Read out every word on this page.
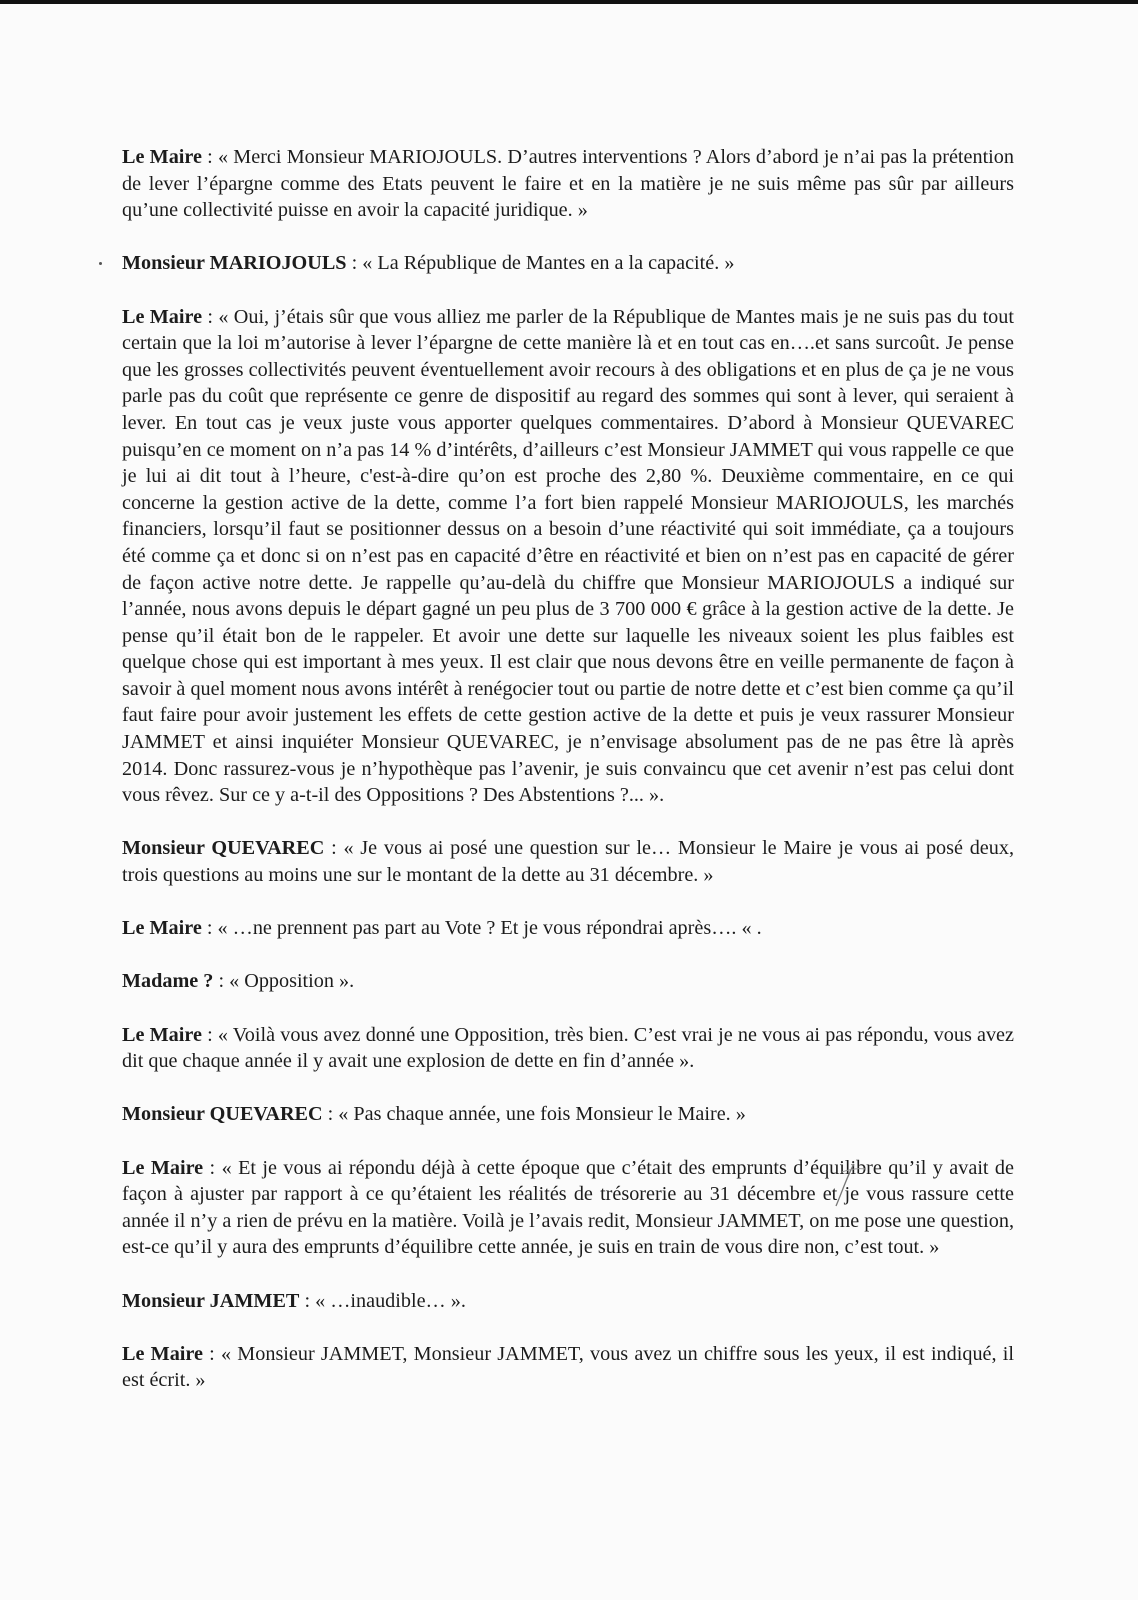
Le Maire : « Merci Monsieur MARIOJOULS. D’autres interventions ? Alors d’abord je n’ai pas la prétention de lever l’épargne comme des Etats peuvent le faire et en la matière je ne suis même pas sûr par ailleurs qu’une collectivité puisse en avoir la capacité juridique. »

Monsieur MARIOJOULS : « La République de Mantes en a la capacité. »

Le Maire : « Oui, j’étais sûr que vous alliez me parler de la République de Mantes mais je ne suis pas du tout certain que la loi m’autorise à lever l’épargne de cette manière là et en tout cas en….et sans surcoût. Je pense que les grosses collectivités peuvent éventuellement avoir recours à des obligations et en plus de ça je ne vous parle pas du coût que représente ce genre de dispositif au regard des sommes qui sont à lever, qui seraient à lever. En tout cas je veux juste vous apporter quelques commentaires. D’abord à Monsieur QUEVAREC puisqu’en ce moment on n’a pas 14 % d’intérêts, d’ailleurs c’est Monsieur JAMMET qui vous rappelle ce que je lui ai dit tout à l’heure, c'est-à-dire qu’on est proche des 2,80 %. Deuxième commentaire, en ce qui concerne la gestion active de la dette, comme l’a fort bien rappelé Monsieur MARIOJOULS, les marchés financiers, lorsqu’il faut se positionner dessus on a besoin d’une réactivité qui soit immédiate, ça a toujours été comme ça et donc si on n’est pas en capacité d’être en réactivité et bien on n’est pas en capacité de gérer de façon active notre dette. Je rappelle qu’au-delà du chiffre que Monsieur MARIOJOULS a indiqué sur l’année, nous avons depuis le départ gagné un peu plus de 3 700 000 € grâce à la gestion active de la dette. Je pense qu’il était bon de le rappeler. Et avoir une dette sur laquelle les niveaux soient les plus faibles est quelque chose qui est important à mes yeux. Il est clair que nous devons être en veille permanente de façon à savoir à quel moment nous avons intérêt à renégocier tout ou partie de notre dette et c’est bien comme ça qu’il faut faire pour avoir justement les effets de cette gestion active de la dette et puis je veux rassurer Monsieur JAMMET et ainsi inquiéter Monsieur QUEVAREC, je n’envisage absolument pas de ne pas être là après 2014. Donc rassurez-vous je n’hypothèque pas l’avenir, je suis convaincu que cet avenir n’est pas celui dont vous rêvez. Sur ce y a-t-il des Oppositions ? Des Abstentions ?... ».

Monsieur QUEVAREC : « Je vous ai posé une question sur le… Monsieur le Maire je vous ai posé deux, trois questions au moins une sur le montant de la dette au 31 décembre. »

Le Maire : « …ne prennent pas part au Vote ? Et je vous répondrai après…. « .

Madame ? : « Opposition ».

Le Maire : « Voilà vous avez donné une Opposition, très bien. C’est vrai je ne vous ai pas répondu, vous avez dit que chaque année il y avait une explosion de dette en fin d’année ».

Monsieur QUEVAREC : « Pas chaque année, une fois Monsieur le Maire. »

Le Maire : « Et je vous ai répondu déjà à cette époque que c’était des emprunts d’équilibre qu’il y avait de façon à ajuster par rapport à ce qu’étaient les réalités de trésorerie au 31 décembre et je vous rassure cette année il n’y a rien de prévu en la matière. Voilà je l’avais redit, Monsieur JAMMET, on me pose une question, est-ce qu’il y aura des emprunts d’équilibre cette année, je suis en train de vous dire non, c’est tout. »

Monsieur JAMMET : « …inaudible… ».

Le Maire : « Monsieur JAMMET, Monsieur JAMMET, vous avez un chiffre sous les yeux, il est indiqué, il est écrit. »
